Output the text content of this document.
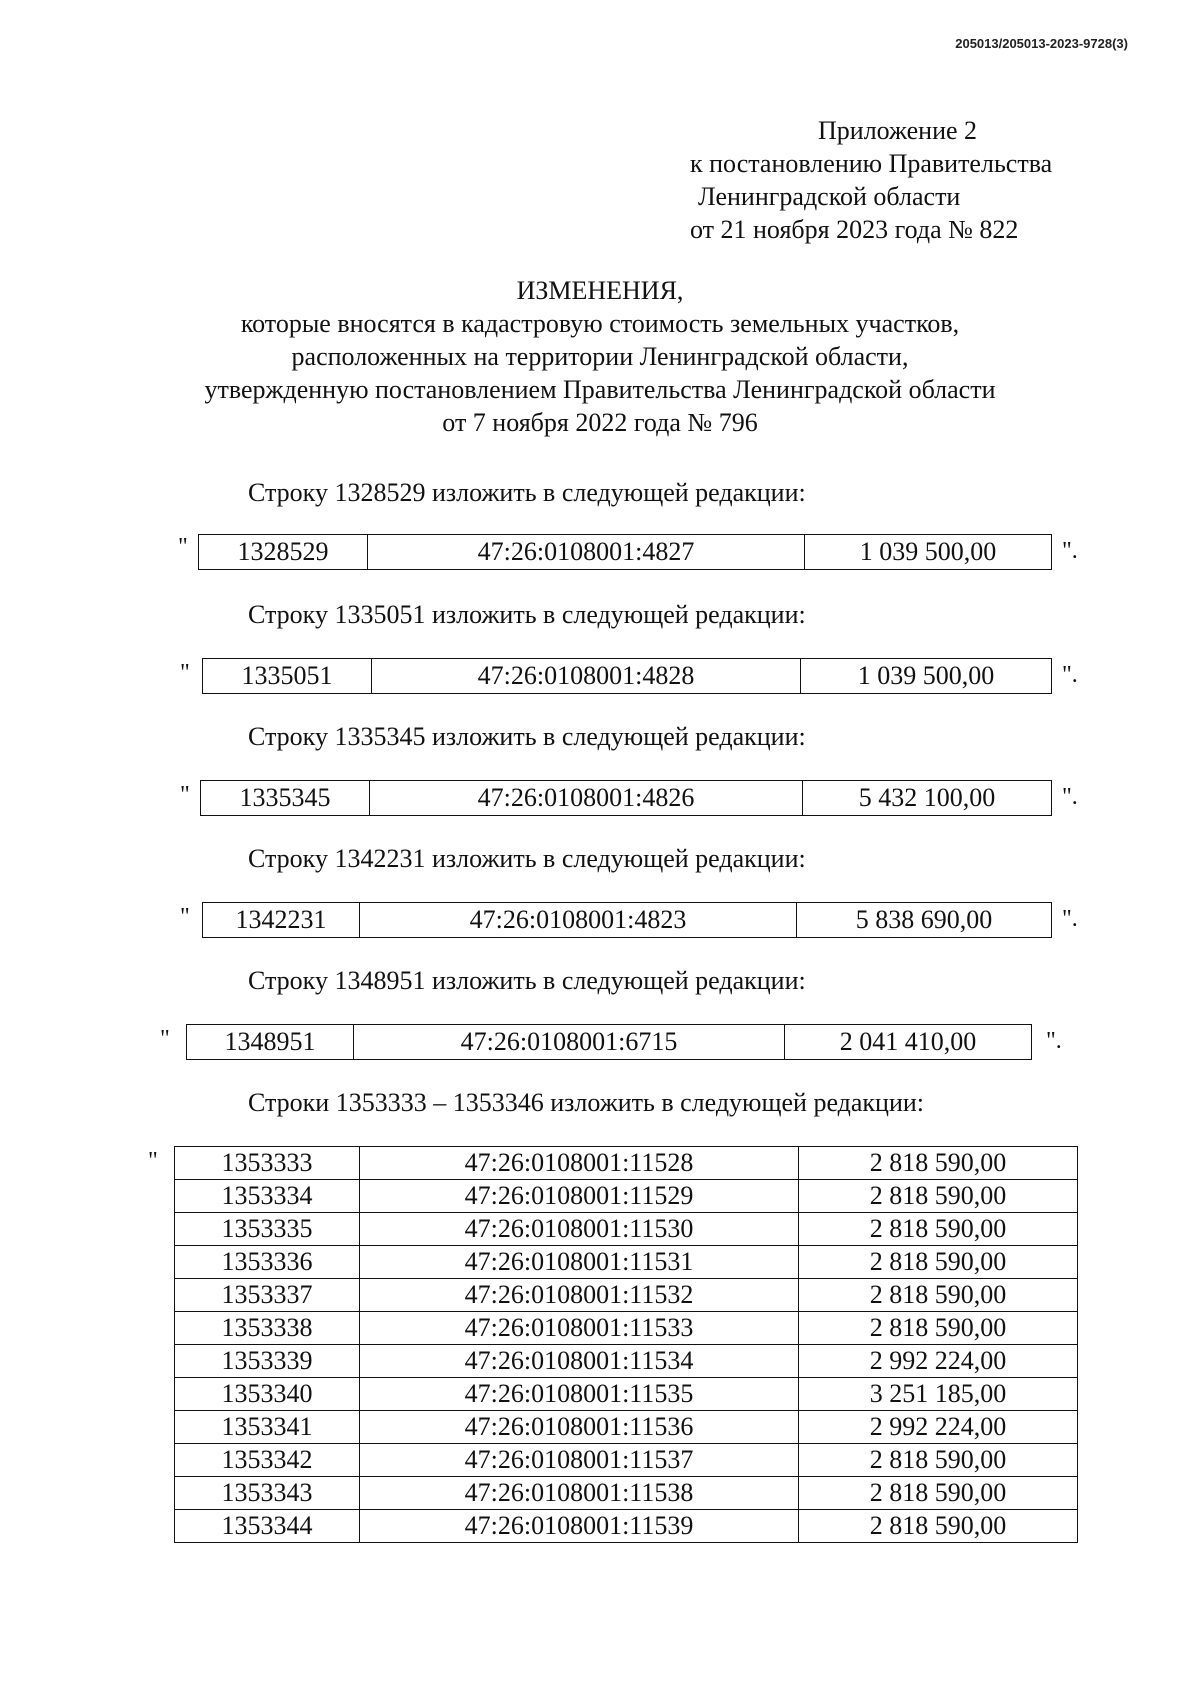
205013/205013-2023-9728(3)
Приложение 2
к постановлению Правительства
Ленинградской области
от 21 ноября 2023 года № 822
ИЗМЕНЕНИЯ,
которые вносятся в кадастровую стоимость земельных участков,
расположенных на территории Ленинградской области,
утвержденную постановлением Правительства Ленинградской области
от 7 ноября 2022 года № 796
Строку 1328529 изложить в следующей редакции:
" 1328529	47:26:0108001:4827	1 039 500,00	".
Строку 1335051 изложить в следующей редакции:
" 1335051	47:26:0108001:4828	1 039 500,00	".
Строку 1335345 изложить в следующей редакции:
" 1335345	47:26:0108001:4826	5 432 100,00	".
Строку 1342231 изложить в следующей редакции:
" 1342231	47:26:0108001:4823	5 838 690,00	".
Строку 1348951 изложить в следующей редакции:
" 1348951	47:26:0108001:6715	2 041 410,00	".
Строки 1353333 – 1353346 изложить в следующей редакции:
" 1353333	47:26:0108001:11528	2 818 590,00
1353334	47:26:0108001:11529	2 818 590,00
1353335	47:26:0108001:11530	2 818 590,00
1353336	47:26:0108001:11531	2 818 590,00
1353337	47:26:0108001:11532	2 818 590,00
1353338	47:26:0108001:11533	2 818 590,00
1353339	47:26:0108001:11534	2 992 224,00
1353340	47:26:0108001:11535	3 251 185,00
1353341	47:26:0108001:11536	2 992 224,00
1353342	47:26:0108001:11537	2 818 590,00
1353343	47:26:0108001:11538	2 818 590,00
1353344	47:26:0108001:11539	2 818 590,00
